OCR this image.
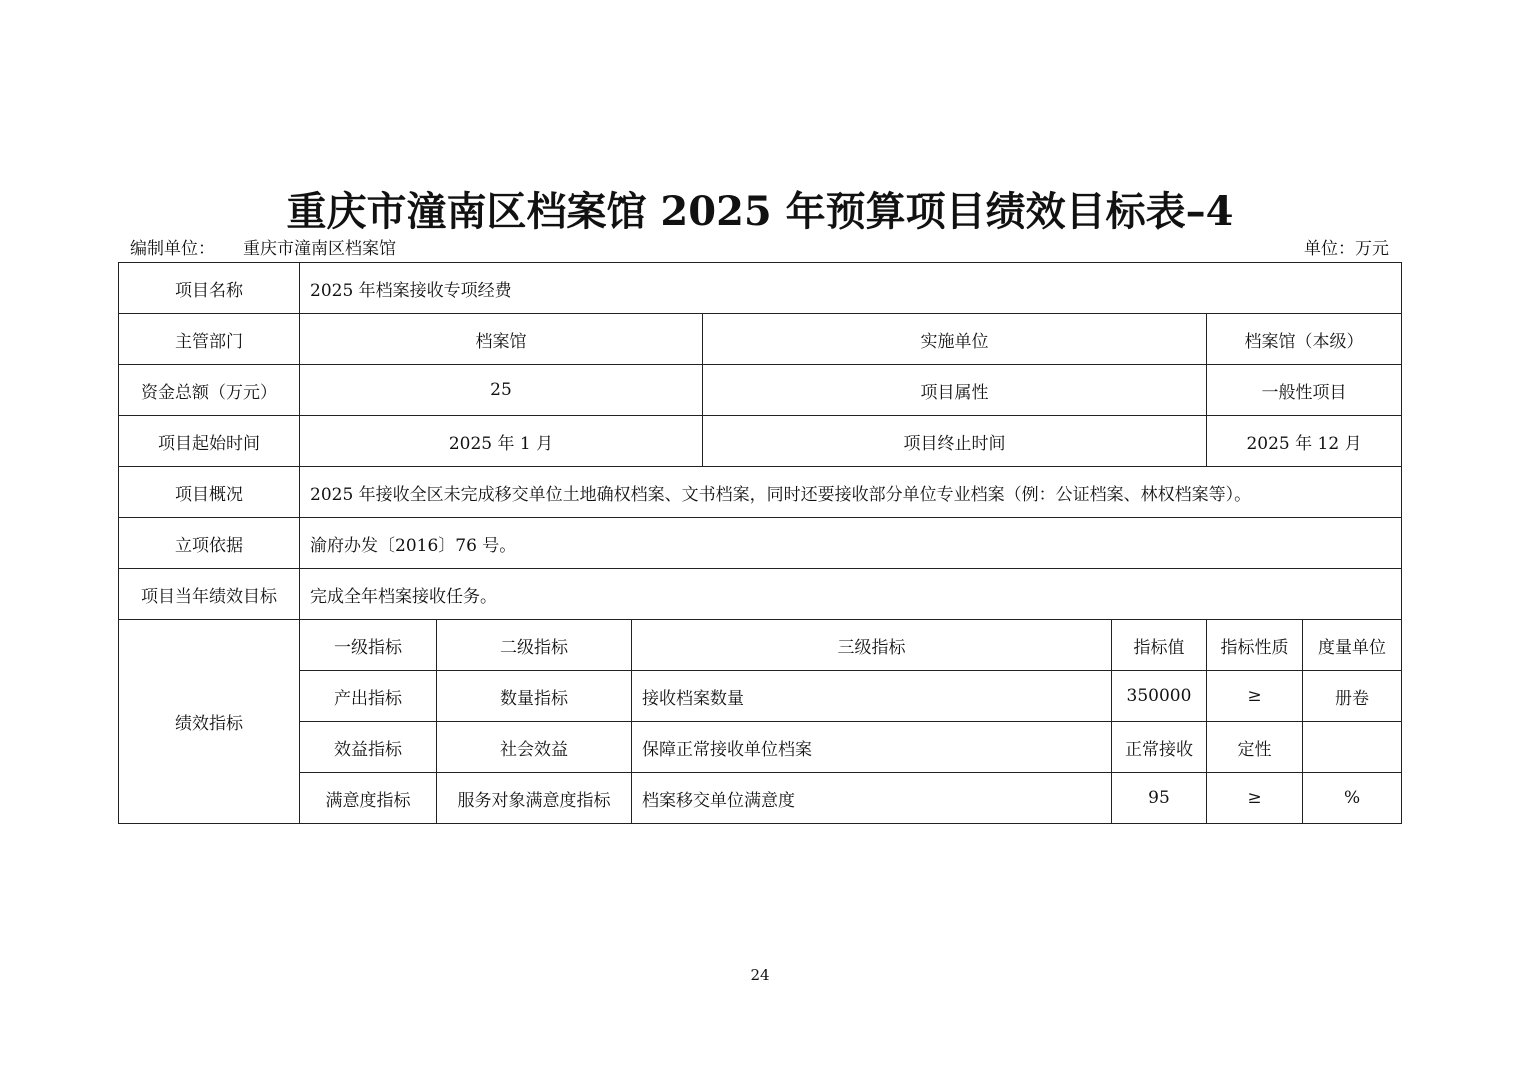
重庆市潼南区档案馆 2025 年预算项目绩效目标表–4
编制单位： 重庆市潼南区档案馆	单位：万元
项目名称	2025 年档案接收专项经费						
主管部门	档案馆			实施单位		档案馆（本级）	
资金总额（万元）	25			项目属性		一般性项目	
项目起始时间	2025 年 1 月			项目终止时间		2025 年 12 月	
项目概况	2025 年接收全区未完成移交单位土地确权档案、文书档案，同时还要接收部分单位专业档案（例：公证档案、林权档案等）。						
立项依据	渝府办发〔2016〕76 号。						
项目当年绩效目标	完成全年档案接收任务。						
绩效指标	一级指标	二级指标	三级指标		指标值	指标性质	度量单位
	产出指标	数量指标	接收档案数量		350000	≥	册卷
	效益指标	社会效益	保障正常接收单位档案		正常接收	定性	
	满意度指标	服务对象满意度指标	档案移交单位满意度		95	≥	%
24
